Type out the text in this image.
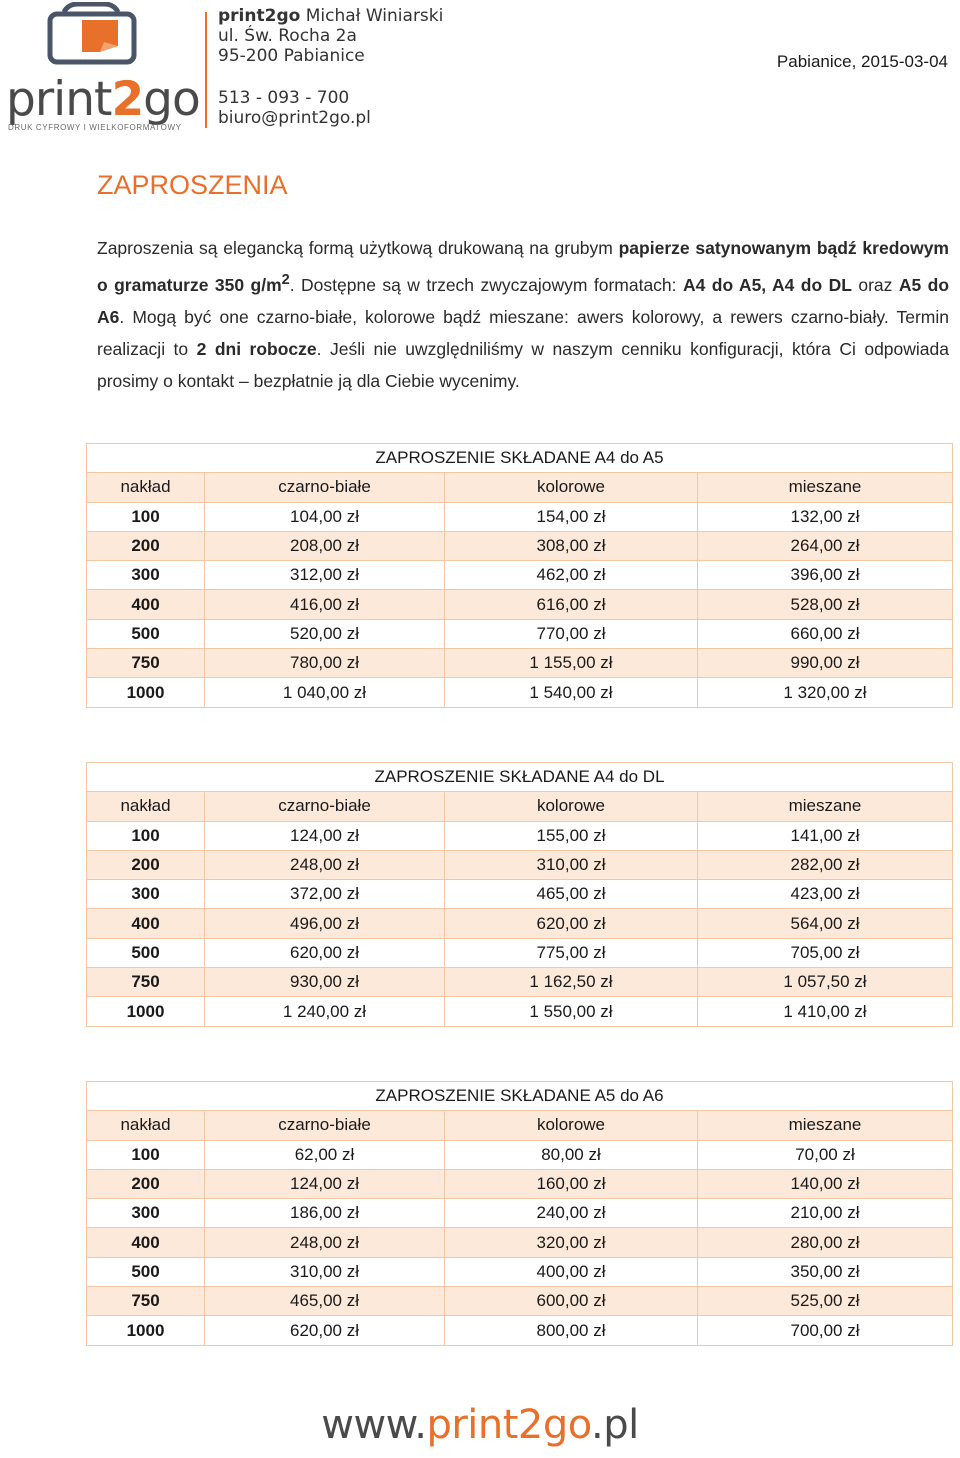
print2go
DRUK CYFROWY I WIELKOFORMATOWY
print2go Michał Winiarski
ul. Św. Rocha 2a
95-200 Pabianice
513 - 093 - 700
biuro@print2go.pl
Pabianice, 2015-03-04
ZAPROSZENIA

Zaproszenia są elegancką formą użytkową drukowaną na grubym papierze satynowanym bądź kredowym o gramaturze 350 $g/m^2$. Dostępne są w trzech zwyczajowym formatach: A4 do A5, A4 do DL oraz A5 do A6. Mogą być one czarno-białe, kolorowe bądź mieszane: awers kolorowy, a rewers czarno-biały. Termin realizacji to 2 dni robocze. Jeśli nie uwzględniliśmy w naszym cenniku konfiguracji, która Ci odpowiada prosimy o kontakt – bezpłatnie ją dla Ciebie wycenimy.

ZAPROSZENIE SKŁADANE A4 do A5			
nakład	czarno-białe	kolorowe	mieszane
100	104,00 zł	154,00 zł	132,00 zł
200	208,00 zł	308,00 zł	264,00 zł
300	312,00 zł	462,00 zł	396,00 zł
400	416,00 zł	616,00 zł	528,00 zł
500	520,00 zł	770,00 zł	660,00 zł
750	780,00 zł	1 155,00 zł	990,00 zł
1000	1 040,00 zł	1 540,00 zł	1 320,00 zł
ZAPROSZENIE SKŁADANE A4 do DL			
nakład	czarno-białe	kolorowe	mieszane
100	124,00 zł	155,00 zł	141,00 zł
200	248,00 zł	310,00 zł	282,00 zł
300	372,00 zł	465,00 zł	423,00 zł
400	496,00 zł	620,00 zł	564,00 zł
500	620,00 zł	775,00 zł	705,00 zł
750	930,00 zł	1 162,50 zł	1 057,50 zł
1000	1 240,00 zł	1 550,00 zł	1 410,00 zł
ZAPROSZENIE SKŁADANE A5 do A6			
nakład	czarno-białe	kolorowe	mieszane
100	62,00 zł	80,00 zł	70,00 zł
200	124,00 zł	160,00 zł	140,00 zł
300	186,00 zł	240,00 zł	210,00 zł
400	248,00 zł	320,00 zł	280,00 zł
500	310,00 zł	400,00 zł	350,00 zł
750	465,00 zł	600,00 zł	525,00 zł
1000	620,00 zł	800,00 zł	700,00 zł
www.print2go.pl
